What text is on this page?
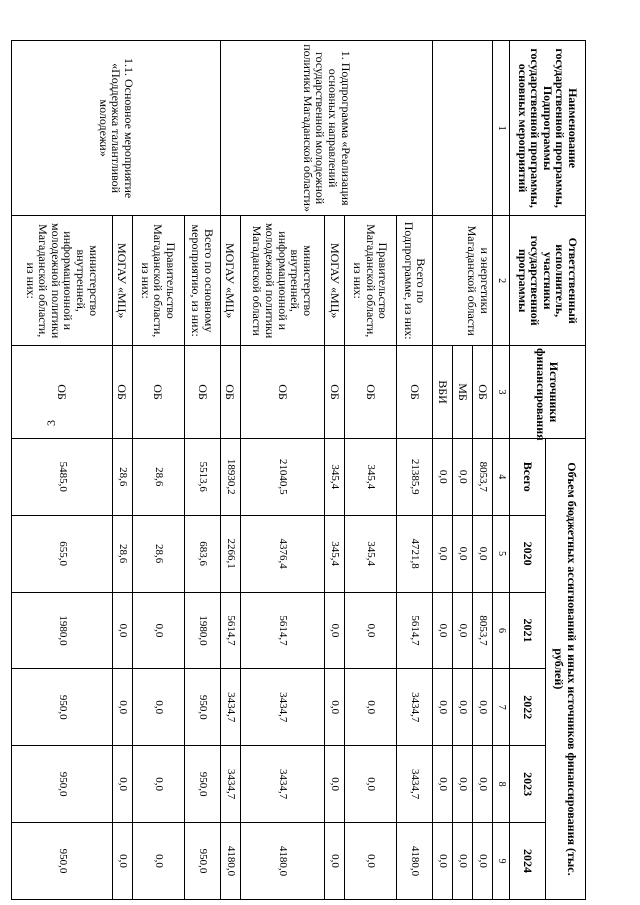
3
Наименование государственной программы, Подпрограммы государственной программы, основных мероприятий	Ответственный исполнитель, участники государственной программы	Источники финансирования	Объем бюджетных ассигнований и иных источников финансирования (тыс. рублей)					
			Всего	2020	2021	2022	2023	2024
1	2	3	4	5	6	7	8	9
	и энергетики Магаданской области	ОБ	8053,7	0,0	8053,7	0,0	0,0	0,0
		МБ	0,0	0,0	0,0	0,0	0,0	0,0
		ВБИ	0,0	0,0	0,0	0,0	0,0	0,0
1. Подпрограмма «Реализация основных направлений государственной молодежной политики Магаданской области»	Всего по Подпрограмме, из них:	ОБ	21385,9	4721,8	5614,7	3434,7	3434,7	4180,0
	Правительство Магаданской области, из них:	ОБ	345,4	345,4	0,0	0,0	0,0	0,0
	МОГАУ «МЦ»	ОБ	345,4	345,4	0,0	0,0	0,0	0,0
	министерство внутренней, информационной и молодежной политики Магаданской области	ОБ	21040,5	4376,4	5614,7	3434,7	3434,7	4180,0
	МОГАУ «МЦ»	ОБ	18930,2	2266,1	5614,7	3434,7	3434,7	4180,0
1.1. Основное мероприятие «Поддержка талантливой молодежи»	Всего по основному мероприятию, из них:	ОБ	5513,6	683,6	1980,0	950,0	950,0	950,0
	Правительство Магаданской области, из них:	ОБ	28,6	28,6	0,0	0,0	0,0	0,0
	МОГАУ «МЦ»	ОБ	28,6	28,6	0,0	0,0	0,0	0,0
	министерство внутренней, информационной и молодежной политики Магаданской области, из них:	ОБ	5485,0	655,0	1980,0	950,0	950,0	950,0
